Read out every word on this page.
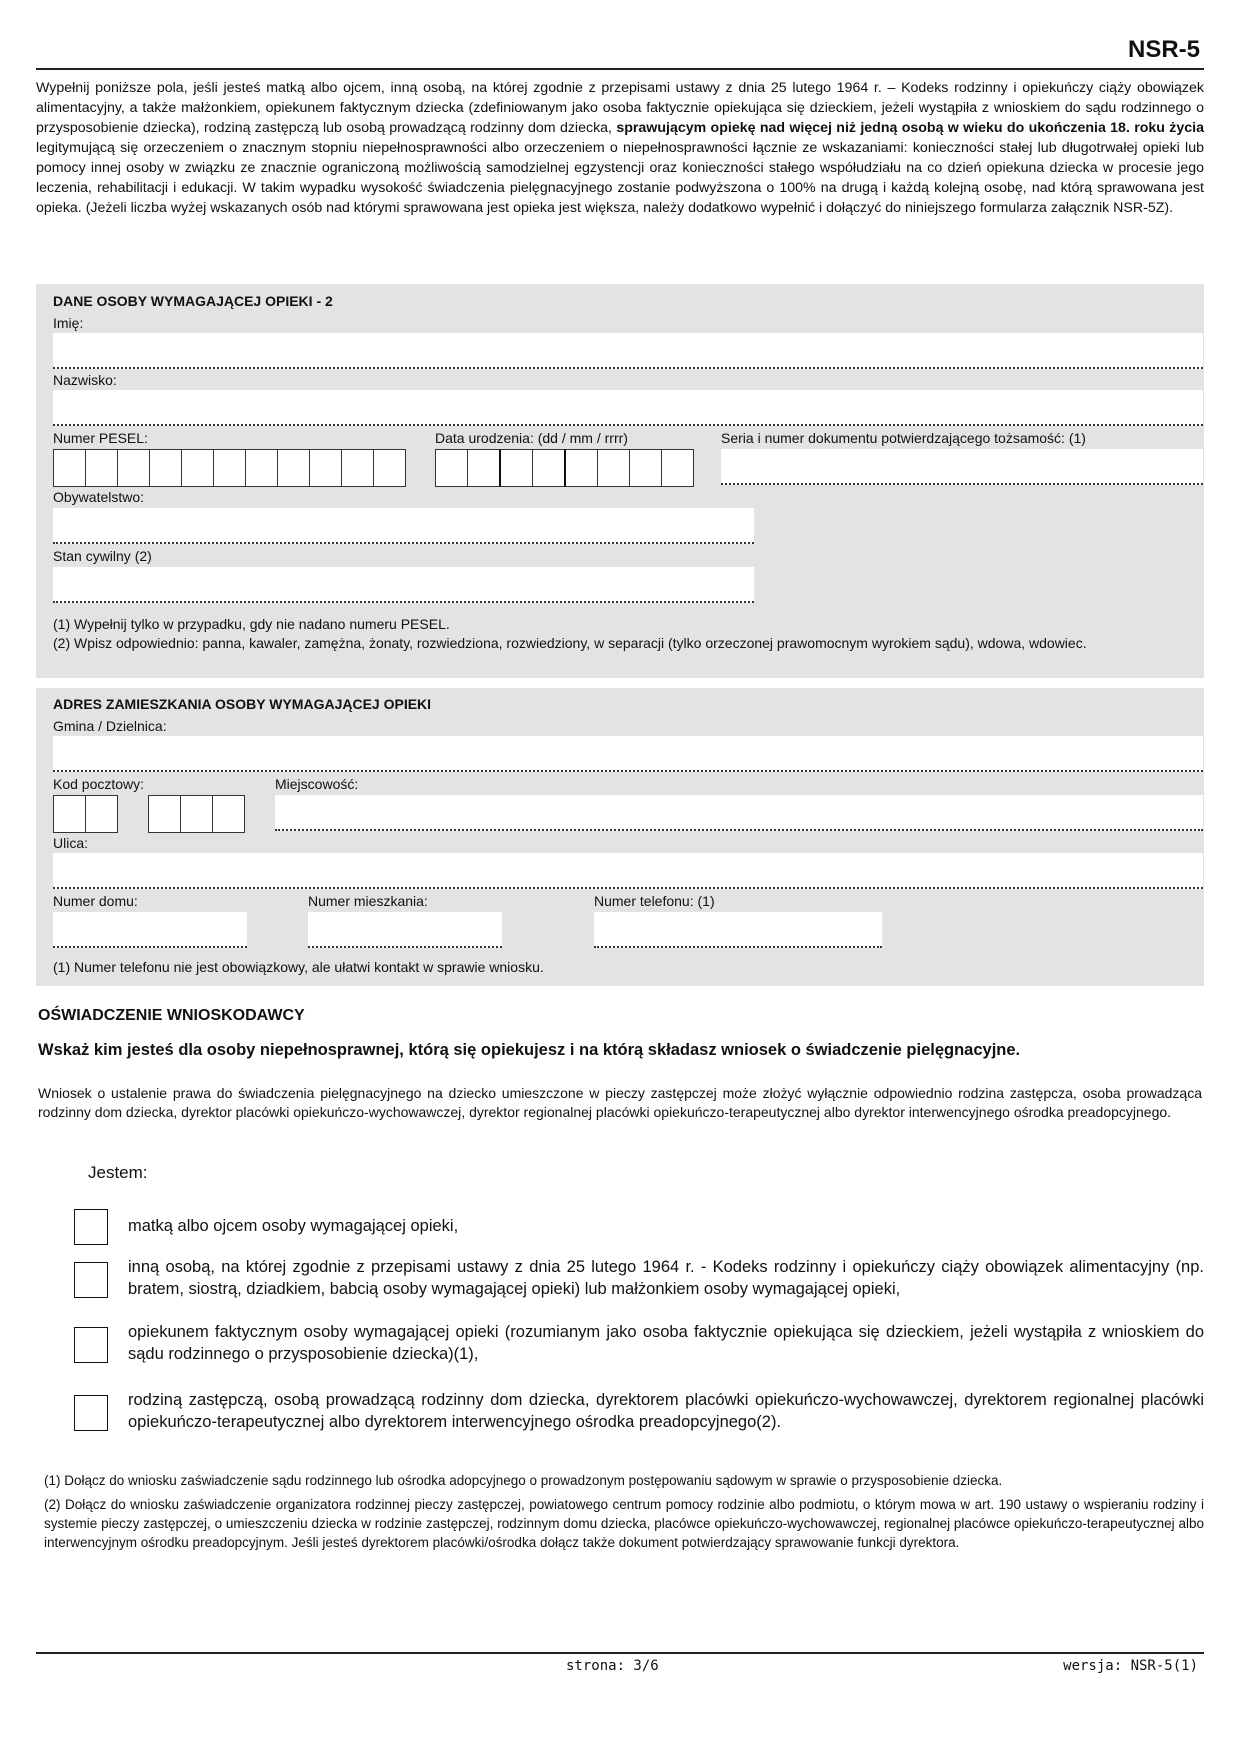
NSR-5
Wypełnij poniższe pola, jeśli jesteś matką albo ojcem, inną osobą, na której zgodnie z przepisami ustawy z dnia 25 lutego 1964 r. – Kodeks rodzinny i opiekuńczy ciąży obowiązek alimentacyjny, a także małżonkiem, opiekunem faktycznym dziecka (zdefiniowanym jako osoba faktycznie opiekująca się dzieckiem, jeżeli wystąpiła z wnioskiem do sądu rodzinnego o przysposobienie dziecka), rodziną zastępczą lub osobą prowadzącą rodzinny dom dziecka, sprawującym opiekę nad więcej niż jedną osobą w wieku do ukończenia 18. roku życia legitymującą się orzeczeniem o znacznym stopniu niepełnosprawności albo orzeczeniem o niepełnosprawności łącznie ze wskazaniami: konieczności stałej lub długotrwałej opieki lub pomocy innej osoby w związku ze znacznie ograniczoną możliwością samodzielnej egzystencji oraz konieczności stałego współudziału na co dzień opiekuna dziecka w procesie jego leczenia, rehabilitacji i edukacji. W takim wypadku wysokość świadczenia pielęgnacyjnego zostanie podwyższona o 100% na drugą i każdą kolejną osobę, nad którą sprawowana jest opieka. (Jeżeli liczba wyżej wskazanych osób nad którymi sprawowana jest opieka jest większa, należy dodatkowo wypełnić i dołączyć do niniejszego formularza załącznik NSR-5Z).
DANE OSOBY WYMAGAJĄCEJ OPIEKI - 2
Imię:
Nazwisko:
Numer PESEL:	Data urodzenia: (dd / mm / rrrr)	Seria i numer dokumentu potwierdzającego tożsamość: (1)
Obywatelstwo:
Stan cywilny (2)
(1) Wypełnij tylko w przypadku, gdy nie nadano numeru PESEL.
(2) Wpisz odpowiednio: panna, kawaler, zamężna, żonaty, rozwiedziona, rozwiedziony, w separacji (tylko orzeczonej prawomocnym wyrokiem sądu), wdowa, wdowiec.
ADRES ZAMIESZKANIA OSOBY WYMAGAJĄCEJ OPIEKI
Gmina / Dzielnica:
Kod pocztowy:	Miejscowość:
Ulica:
Numer domu:	Numer mieszkania:	Numer telefonu: (1)
(1) Numer telefonu nie jest obowiązkowy, ale ułatwi kontakt w sprawie wniosku.
OŚWIADCZENIE WNIOSKODAWCY
Wskaż kim jesteś dla osoby niepełnosprawnej, którą się opiekujesz i na którą składasz wniosek o świadczenie pielęgnacyjne.
Wniosek o ustalenie prawa do świadczenia pielęgnacyjnego na dziecko umieszczone w pieczy zastępczej może złożyć wyłącznie odpowiednio rodzina zastępcza, osoba prowadząca rodzinny dom dziecka, dyrektor placówki opiekuńczo-wychowawczej, dyrektor regionalnej placówki opiekuńczo-terapeutycznej albo dyrektor interwencyjnego ośrodka preadopcyjnego.
Jestem:
matką albo ojcem osoby wymagającej opieki,
inną osobą, na której zgodnie z przepisami ustawy z dnia 25 lutego 1964 r. - Kodeks rodzinny i opiekuńczy ciąży obowiązek alimentacyjny (np. bratem, siostrą, dziadkiem, babcią osoby wymagającej opieki) lub małżonkiem osoby wymagającej opieki,
opiekunem faktycznym osoby wymagającej opieki (rozumianym jako osoba faktycznie opiekująca się dzieckiem, jeżeli wystąpiła z wnioskiem do sądu rodzinnego o przysposobienie dziecka)(1),
rodziną zastępczą, osobą prowadzącą rodzinny dom dziecka, dyrektorem placówki opiekuńczo-wychowawczej, dyrektorem regionalnej placówki opiekuńczo-terapeutycznej albo dyrektorem interwencyjnego ośrodka preadopcyjnego(2).
(1) Dołącz do wniosku zaświadczenie sądu rodzinnego lub ośrodka adopcyjnego o prowadzonym postępowaniu sądowym w sprawie o przysposobienie dziecka.
(2) Dołącz do wniosku zaświadczenie organizatora rodzinnej pieczy zastępczej, powiatowego centrum pomocy rodzinie albo podmiotu, o którym mowa w art. 190 ustawy o wspieraniu rodziny i systemie pieczy zastępczej, o umieszczeniu dziecka w rodzinie zastępczej, rodzinnym domu dziecka, placówce opiekuńczo-wychowawczej, regionalnej placówce opiekuńczo-terapeutycznej albo interwencyjnym ośrodku preadopcyjnym. Jeśli jesteś dyrektorem placówki/ośrodka dołącz także dokument potwierdzający sprawowanie funkcji dyrektora.
strona: 3/6	wersja: NSR-5(1)
